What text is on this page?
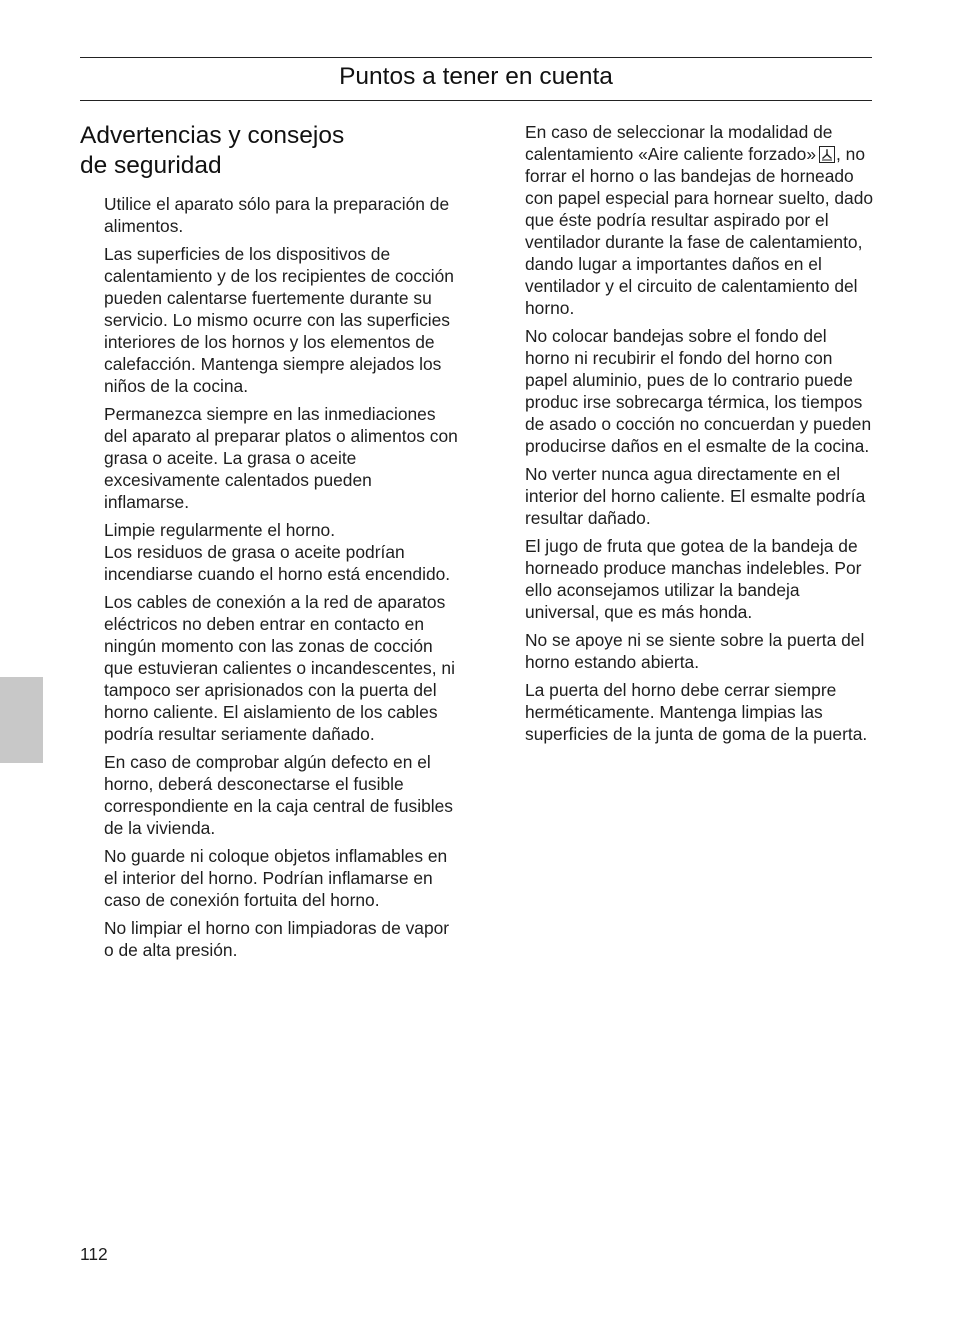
Puntos a tener en cuenta
Advertencias y consejos
de seguridad

Utilice el aparato sólo para la preparación de alimentos.

Las superficies de los dispositivos de calentamiento y de los recipientes de cocción pueden calentarse fuertemente durante su servicio. Lo mismo ocurre con las superficies interiores de los hornos y los elementos de calefacción. Mantenga siempre alejados los niños de la cocina.

Permanezca siempre en las inmediaciones del aparato al preparar platos o alimentos con grasa o aceite. La grasa o aceite excesivamente calentados pueden inflamarse.

Limpie regularmente el horno.
Los residuos de grasa o aceite podrían incendiarse cuando el horno está encendido.

Los cables de conexión a la red de aparatos eléctricos no deben entrar en contacto en ningún momento con las zonas de cocción que estuvieran calientes o incandescentes, ni tampoco ser aprisionados con la puerta del horno caliente. El aislamiento de los cables podría resultar seriamente dañado.

En caso de comprobar algún defecto en el horno, deberá desconectarse el fusible correspondiente en la caja central de fusibles de la vivienda.

No guarde ni coloque objetos inflamables en el interior del horno. Podrían inflamarse en caso de conexión fortuita del horno.

No limpiar el horno con limpiadoras de vapor o de alta presión.

En caso de seleccionar la modalidad de calentamiento «Aire caliente forzado» , no forrar el horno o las bandejas de horneado con papel especial para hornear suelto, dado que éste podría resultar aspirado por el ventilador durante la fase de calentamiento, dando lugar a importantes daños en el ventilador y el circuito de calentamiento del horno.

No colocar bandejas sobre el fondo del horno ni recubirir el fondo del horno con papel aluminio, pues de lo contrario puede produc irse sobrecarga térmica, los tiempos de asado o cocción no concuerdan y pueden producirse daños en el esmalte de la cocina.

No verter nunca agua directamente en el interior del horno caliente. El esmalte podría resultar dañado.

El jugo de fruta que gotea de la bandeja de horneado produce manchas indelebles. Por ello aconsejamos utilizar la bandeja universal, que es más honda.

No se apoye ni se siente sobre la puerta del horno estando abierta.

La puerta del horno debe cerrar siempre herméticamente. Mantenga limpias las superficies de la junta de goma de la puerta.

112
